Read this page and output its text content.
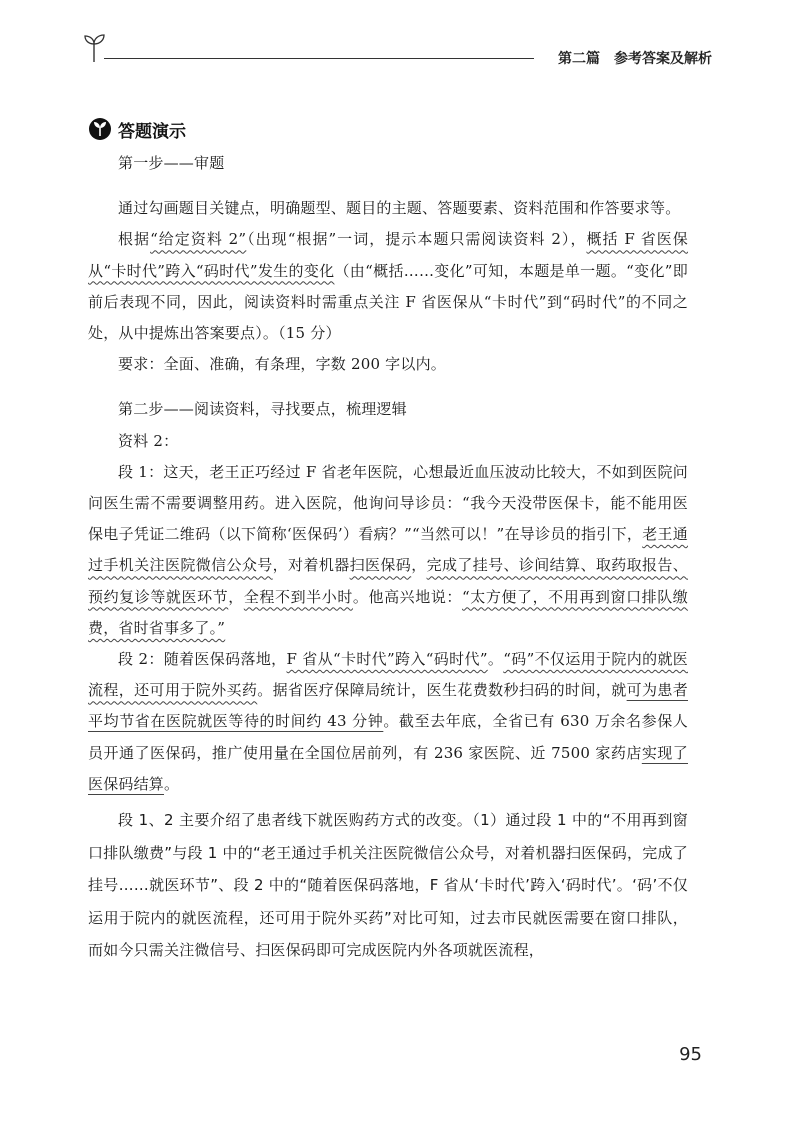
第二篇　参考答案及解析
答题演示

第一步——审题

通过勾画题目关键点，明确题型、题目的主题、答题要素、资料范围和作答要求等。

根据“给定资料 2”（出现“根据”一词，提示本题只需阅读资料 2），概括 F 省医保从“卡时代”跨入“码时代”发生的变化（由“概括……变化”可知，本题是单一题。“变化”即前后表现不同，因此，阅读资料时需重点关注 F 省医保从“卡时代”到“码时代”的不同之处，从中提炼出答案要点）。（15 分）

要求：全面、准确，有条理，字数 200 字以内。

第二步——阅读资料，寻找要点，梳理逻辑

资料 2：

段 1：这天，老王正巧经过 F 省老年医院，心想最近血压波动比较大，不如到医院问问医生需不需要调整用药。进入医院，他询问导诊员：“我今天没带医保卡，能不能用医保电子凭证二维码（以下简称‘医保码’）看病？”“当然可以！”在导诊员的指引下，老王通过手机关注医院微信公众号，对着机器扫医保码，完成了挂号、诊间结算、取药取报告、预约复诊等就医环节，全程不到半小时。他高兴地说：“太方便了，不用再到窗口排队缴费，省时省事多了。”

段 2：随着医保码落地，F 省从“卡时代”跨入“码时代”。“码”不仅运用于院内的就医流程，还可用于院外买药。据省医疗保障局统计，医生花费数秒扫码的时间，就可为患者平均节省在医院就医等待的时间约 43 分钟。截至去年底，全省已有 630 万余名参保人员开通了医保码，推广使用量在全国位居前列，有 236 家医院、近 7500 家药店实现了医保码结算。

段 1、2 主要介绍了患者线下就医购药方式的改变。（1）通过段 1 中的“不用再到窗口排队缴费”与段 1 中的“老王通过手机关注医院微信公众号，对着机器扫医保码，完成了挂号……就医环节”、段 2 中的“随着医保码落地，F 省从‘卡时代’跨入‘码时代’。‘码’不仅运用于院内的就医流程，还可用于院外买药”对比可知，过去市民就医需要在窗口排队，而如今只需关注微信号、扫医保码即可完成医院内外各项就医流程，

95
